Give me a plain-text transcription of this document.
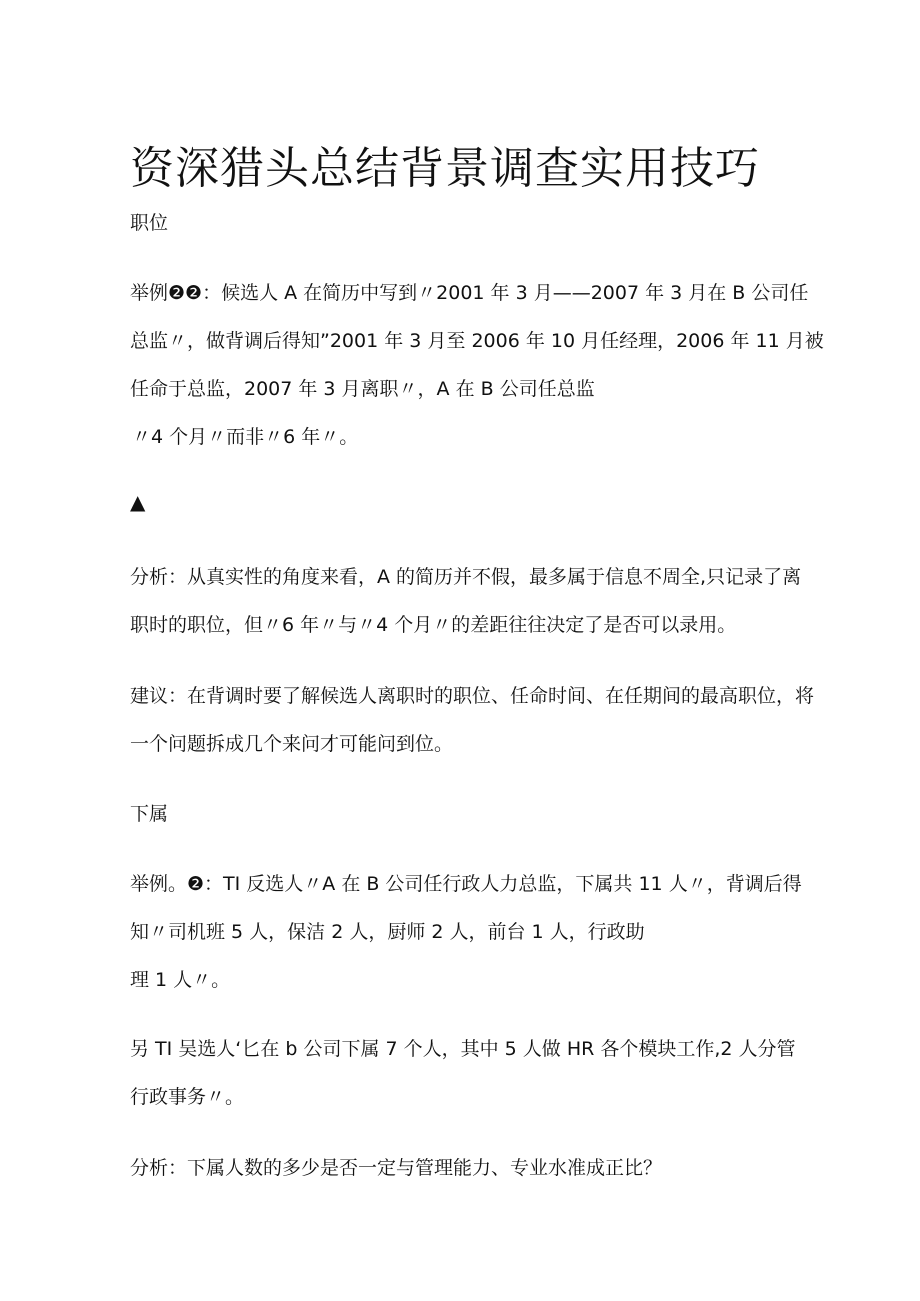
资深猎头总结背景调查实用技巧
职位
举例❷❷：候选人 A 在简历中写到〃2001 年 3 月——2007 年 3 月在 B 公司任
总监〃，做背调后得知”2001 年 3 月至 2006 年 10 月任经理，2006 年 11 月被
任命于总监，2007 年 3 月离职〃，A 在 B 公司任总监
〃4 个月〃而非〃6 年〃。
▲
分析：从真实性的角度来看，A 的简历并不假，最多属于信息不周全,只记录了离
职时的职位，但〃6 年〃与〃4 个月〃的差距往往决定了是否可以录用。
建议：在背调时要了解候选人离职时的职位、任命时间、在任期间的最高职位，将
一个问题拆成几个来问才可能问到位。
下属
举例。❷：TI 反选人〃A 在 B 公司任行政人力总监，下属共 11 人〃，背调后得
知〃司机班 5 人，保洁 2 人，厨师 2 人，前台 1 人，行政助
理 1 人〃。
另 TI 吴选人‘匕在 b 公司下属 7 个人，其中 5 人做 HR 各个模块工作,2 人分管
行政事务〃。
分析：下属人数的多少是否一定与管理能力、专业水准成正比？
